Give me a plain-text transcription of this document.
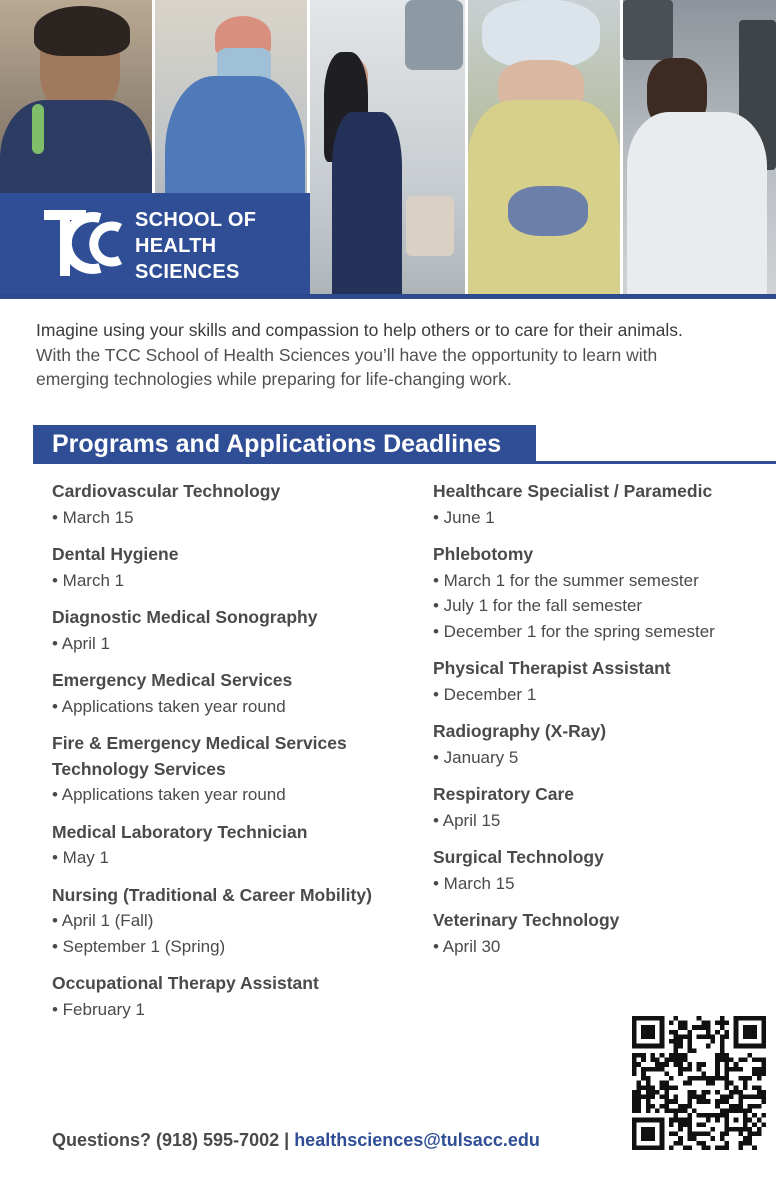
SCHOOL OF
HEALTH
SCIENCES
Imagine using your skills and compassion to help others or to care for their animals.
With the TCC School of Health Sciences you’ll have the opportunity to learn with
emerging technologies while preparing for life-changing work.
Programs and Applications Deadlines
Cardiovascular Technology
• March 15
Dental Hygiene
• March 1
Diagnostic Medical Sonography
• April 1
Emergency Medical Services
• Applications taken year round
Fire & Emergency Medical Services
Technology Services
• Applications taken year round
Medical Laboratory Technician
• May 1
Nursing (Traditional & Career Mobility)
• April 1 (Fall)
• September 1 (Spring)
Occupational Therapy Assistant
• February 1
Healthcare Specialist / Paramedic
• June 1
Phlebotomy
• March 1 for the summer semester
• July 1 for the fall semester
• December 1 for the spring semester
Physical Therapist Assistant
• December 1
Radiography (X-Ray)
• January 5
Respiratory Care
• April 15
Surgical Technology
• March 15
Veterinary Technology
• April 30
Questions? (918) 595-7002 | healthsciences@tulsacc.edu
